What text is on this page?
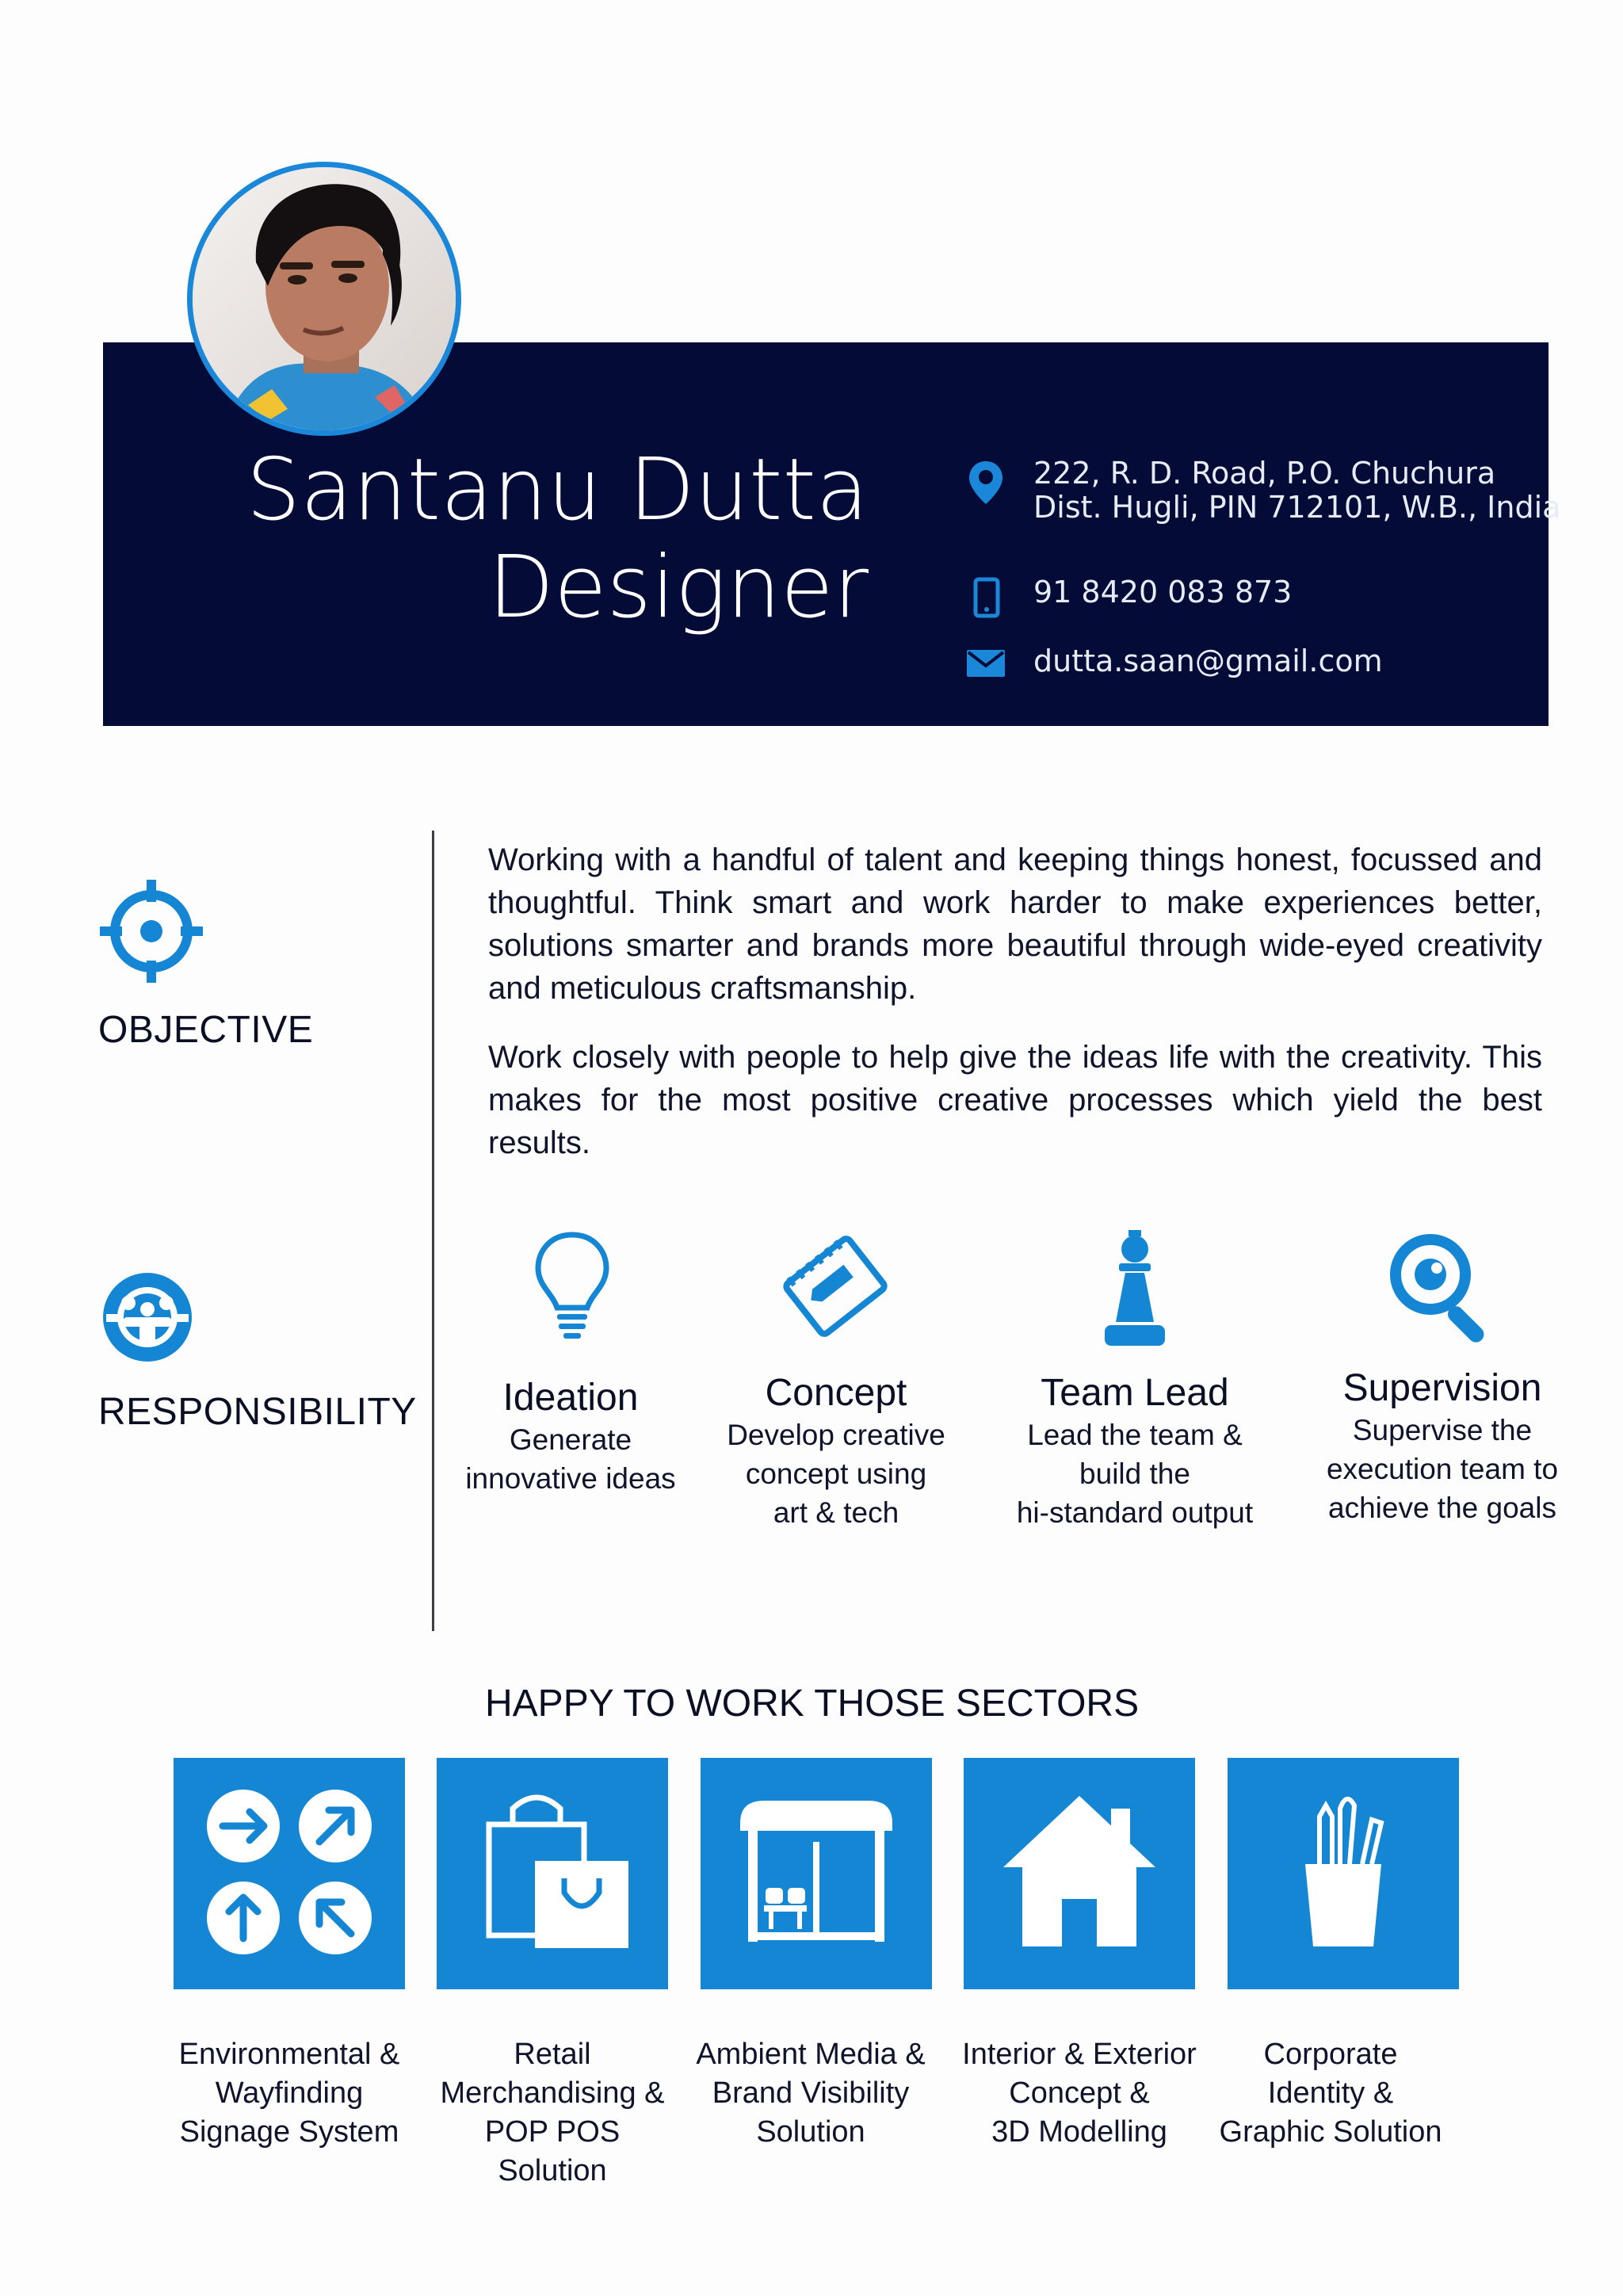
Santanu Dutta
Designer
222, R. D. Road, P.O. Chuchura
Dist. Hugli, PIN 712101, W.B., India
91 8420 083 873
dutta.saan@gmail.com
OBJECTIVE

Working with a handful of talent and keeping things honest, focussed and thoughtful. Think smart and work harder to make experiences better, solutions smarter and brands more beautiful through wide-eyed creativity and meticulous craftsmanship.

Work closely with people to help give the ideas life with the creativity. This makes for the most positive creative processes which yield the best results.

RESPONSIBILITY	Ideation
Generate
innovative ideas
Concept
Develop creative
concept using
art & tech
Team Lead
Lead the team &
build the
hi-standard output
Supervision
Supervise the
execution team to
achieve the goals
HAPPY TO WORK THOSE SECTORS
Environmental &
Wayfinding
Signage System
Retail
Merchandising &
POP POS
Solution
Ambient Media &
Brand Visibility
Solution
Interior & Exterior
Concept &
3D Modelling
Corporate
Identity &
Graphic Solution
